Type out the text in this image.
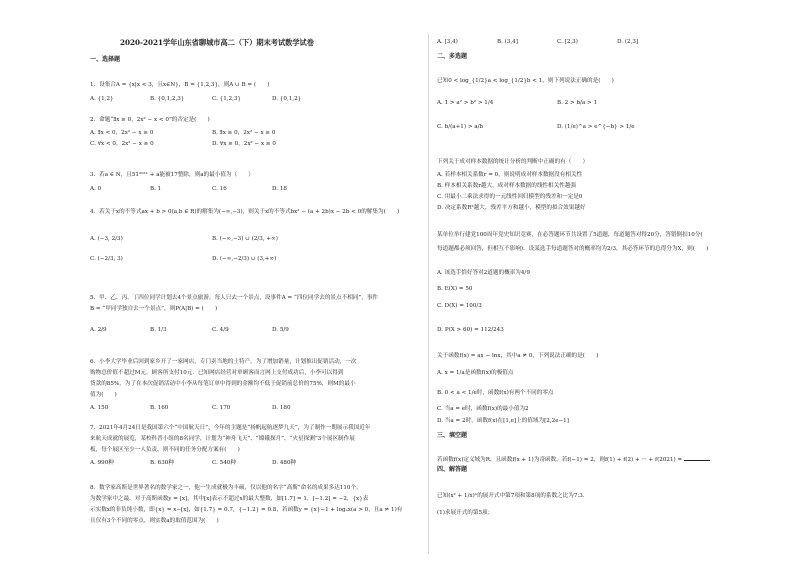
2020-2021学年山东省聊城市高二（下）期末考试数学试卷
一、选择题
1．设集合A = {x|x < 3，且x∈N}，B = {1,2,3}，则A ∪ B = (　　)
A. {1,2}	B. {0,1,2,3}	C. {1,2,3}	D. {0,1,2}
2．命题“∃x ≥ 0，2x² − x < 0”的否定是(　　)
A. ∃x < 0，2x² − x ≥ 0	B. ∃x ≥ 0，2x² − x ≥ 0
C. ∀x < 0，2x² − x ≥ 0	D. ∀x ≥ 0，2x² − x ≥ 0
3．若a ∈ N，且51²⁰²¹ + a能被17整除，则a的最小值为（　　）
A. 0	B. 1	C. 16	D. 18
4．若关于x的不等式ax + b > 0(a,b ∈ R)的解集为(−∞,−3)，则关于x的不等式bx² − (a + 2b)x − 2b < 0的解集为(　　)
A. (−3, 2/3)	B. (−∞,−3) ∪ (2/3, +∞)
C. (−2/3, 3)	D. (−∞,−2/3) ∪ (3,+∞)
5．甲、乙、丙、丁四位同学计划去4个景点旅游，每人只去一个景点，设事件A = “四位同学去的景点不相同”，事件
B = “甲同学独自去一个景点”，则P(A|B) = (　　)
A. 2/9	B. 1/3	C. 4/9	D. 5/9
6．小李大学毕业后回到家乡开了一家网店，专门卖当地的土特产，为了增加销量，计划推出促销活动，一次
购物总价值不超过M元，顾客所支付10元．已知网店经营对单顾客而言网上支付成功后，小李可以得到
货款的85%，为了在本次促销活动中小李从每笔订单中得到的金额均不低于促销前总价的75%，则M的最小
值为(　　)
A. 150	B. 160	C. 170	D. 180
7．2021年4月24日是我国第六个“中国航天日”，今年的主题是“扬帆起航逐梦九天”，为了制作一期展示我国近年
来航天成就的展览，某校科普小组的8名同学，计划为“神舟飞天”、“嫦娥探月”、“火星探测”3个展区制作展
板，每个展区至少一人负责，则不同的任务分配方案有(　　)
A. 990种	B. 630种	C. 540种	D. 480种
8．数学家高斯是世界著名的数学家之一，他一生成就极为丰硕，仅以他的名字“高斯”命名的成果多达110个，
为数学家中之最．对于高斯函数y = [x]，其中[x]表示不超过x的最大整数，如[1.7] = 1，[−1.2] = −2，{x}表
示实数x的非负纯小数，即{x} = x−[x]，如{1.7} = 0.7，{−1.2} = 0.8，若函数y = {x}−1 + logₐx(a > 0，且a ≠ 1)有
且仅有3个不同的零点，则实数a的取值范围为(　　)
A. [3,4)	B. (3,4]	C. [2,3)	D. (2,3]
二、多选题
已知0 < log_{1/2}a < log_{1/2}b < 1，则下列说法正确的是(　　)
A. 1 > a² > b² > 1/4	B. 2 > b/a > 1
C. b/(a+1) > a/b	D. (1/e)^a > e^{−b} > 1/e
下列关于成对样本数据的统计分析的判断中正确的有（　　）
A. 若样本相关系数r = 0，则说明成对样本数据没有相关性
B. 样本相关系数r越大，成对样本数据的线性相关性越强
C. 用最小二乘法求得的一元线性回归模型的残差和一定是0
D. 决定系数R²越大，残差平方和越小，模型的拟合效果越好
某单位举行建党100周年党史知识竞赛，在必答题环节共设置了5道题，每道题答对得20分，答错倒扣10分(
每道题都必须回答，但相互不影响)．设某选手每道题答对的概率均为2/3，其必答环节的总得分为X，则(　　)
A. 该选手恰好答对2道题的概率为4/9
B. E(X) = 50
C. D(X) = 100/3
D. P(X > 60) = 112/243
关于函数f(x) = ax − lnx，其中a ≠ 0，下列说法正确的是(　　)
A. x = 1/a是函数f(x)的极值点
B. 0 < a < 1/e时，函数f(x)有两个不同的零点
C. 当a = e时，函数f(x)的最小值为2
D. 当a = 2时，函数f(x)在[1,e]上的值域为[2,2e−1]
三、填空题
若函数f(x)定义域为R，且函数f(x + 1)为奇函数，若f(−1) = 2，则f(1) + f(2) + ··· + f(2021) =
四、解答题
已知(x² + 1/x)ⁿ的展开式中第7项和第8项的系数之比为7:3．
(1)求展开式的第5项；
